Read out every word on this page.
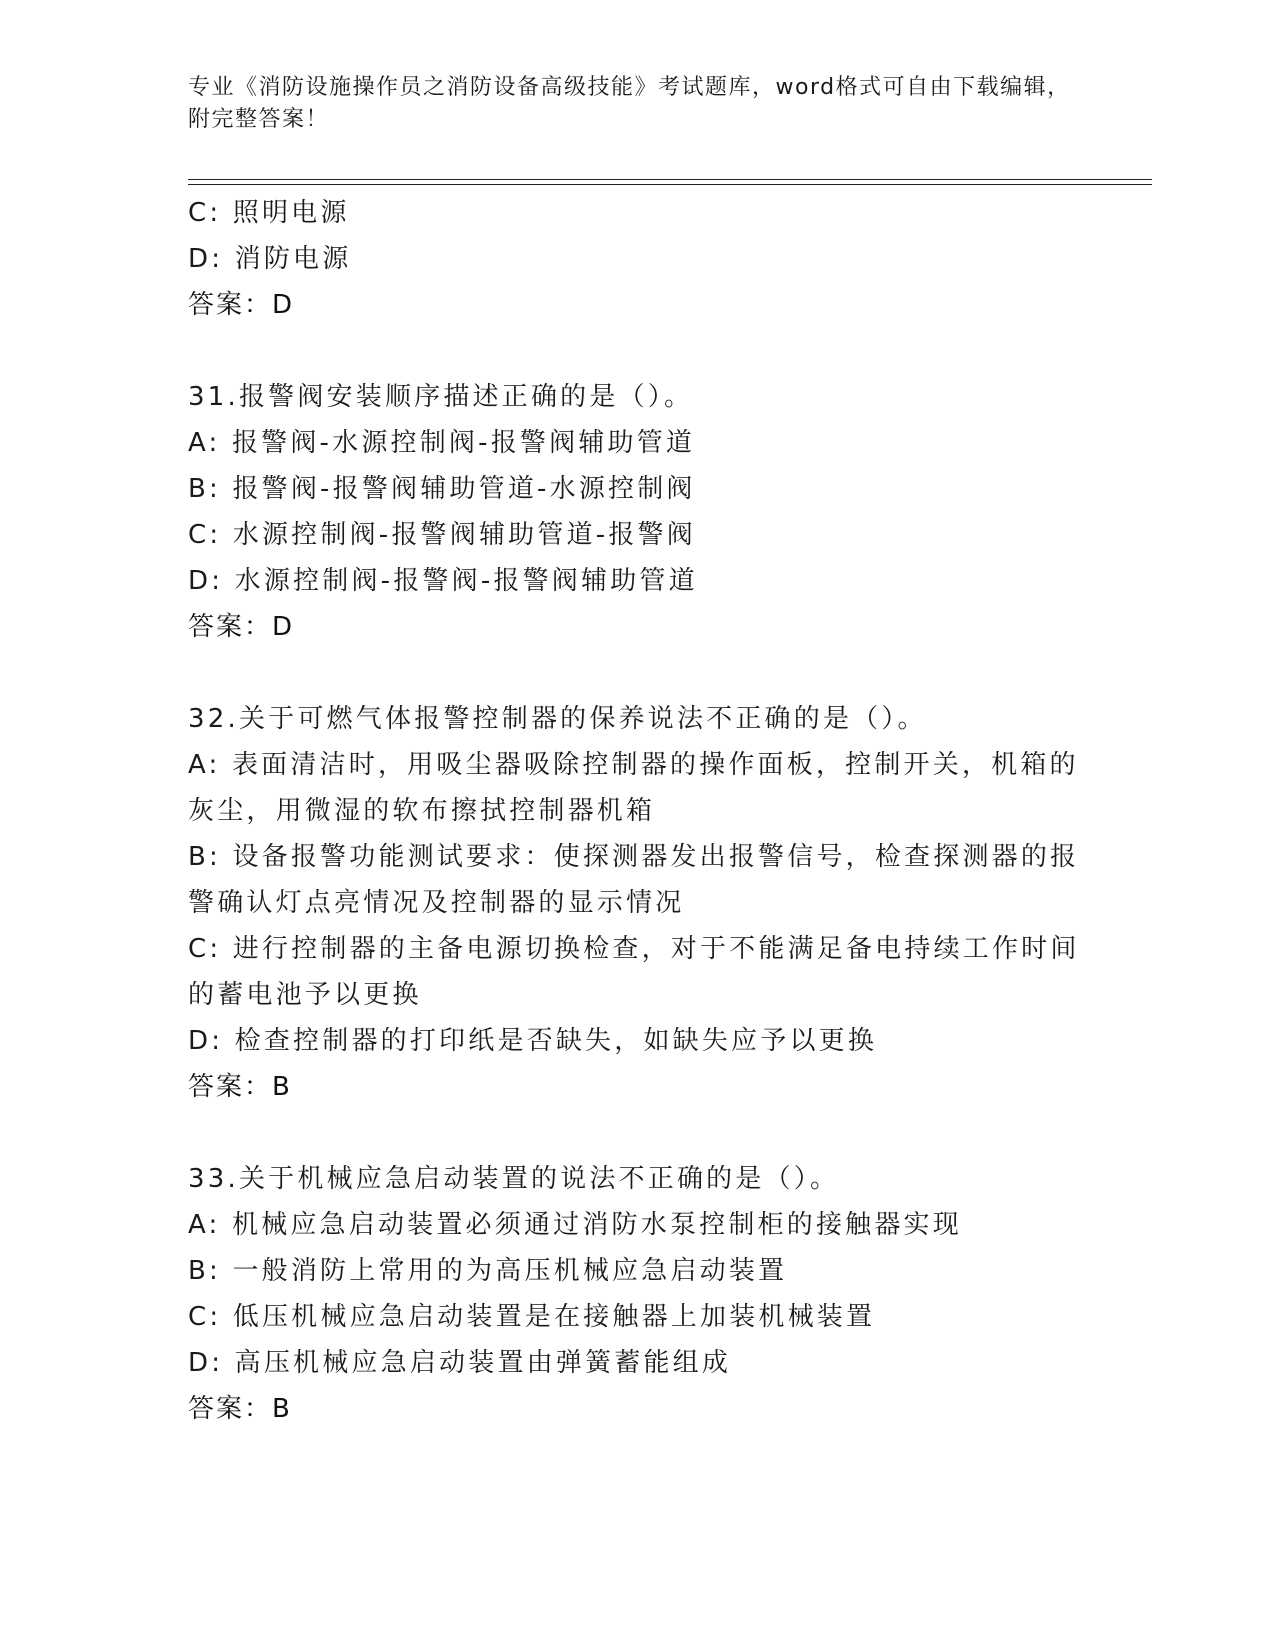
专业《消防设施操作员之消防设备高级技能》考试题库，word格式可自由下载编辑，附完整答案！
C: 照明电源
D: 消防电源
答案：D
31.报警阀安装顺序描述正确的是（）。
A: 报警阀-水源控制阀-报警阀辅助管道
B: 报警阀-报警阀辅助管道-水源控制阀
C: 水源控制阀-报警阀辅助管道-报警阀
D: 水源控制阀-报警阀-报警阀辅助管道
答案：D
32.关于可燃气体报警控制器的保养说法不正确的是（）。
A: 表面清洁时，用吸尘器吸除控制器的操作面板，控制开关，机箱的灰尘，用微湿的软布擦拭控制器机箱
B: 设备报警功能测试要求：使探测器发出报警信号，检查探测器的报警确认灯点亮情况及控制器的显示情况
C: 进行控制器的主备电源切换检查，对于不能满足备电持续工作时间的蓄电池予以更换
D: 检查控制器的打印纸是否缺失，如缺失应予以更换
答案：B
33.关于机械应急启动装置的说法不正确的是（）。
A: 机械应急启动装置必须通过消防水泵控制柜的接触器实现
B: 一般消防上常用的为高压机械应急启动装置
C: 低压机械应急启动装置是在接触器上加装机械装置
D: 高压机械应急启动装置由弹簧蓄能组成
答案：B
